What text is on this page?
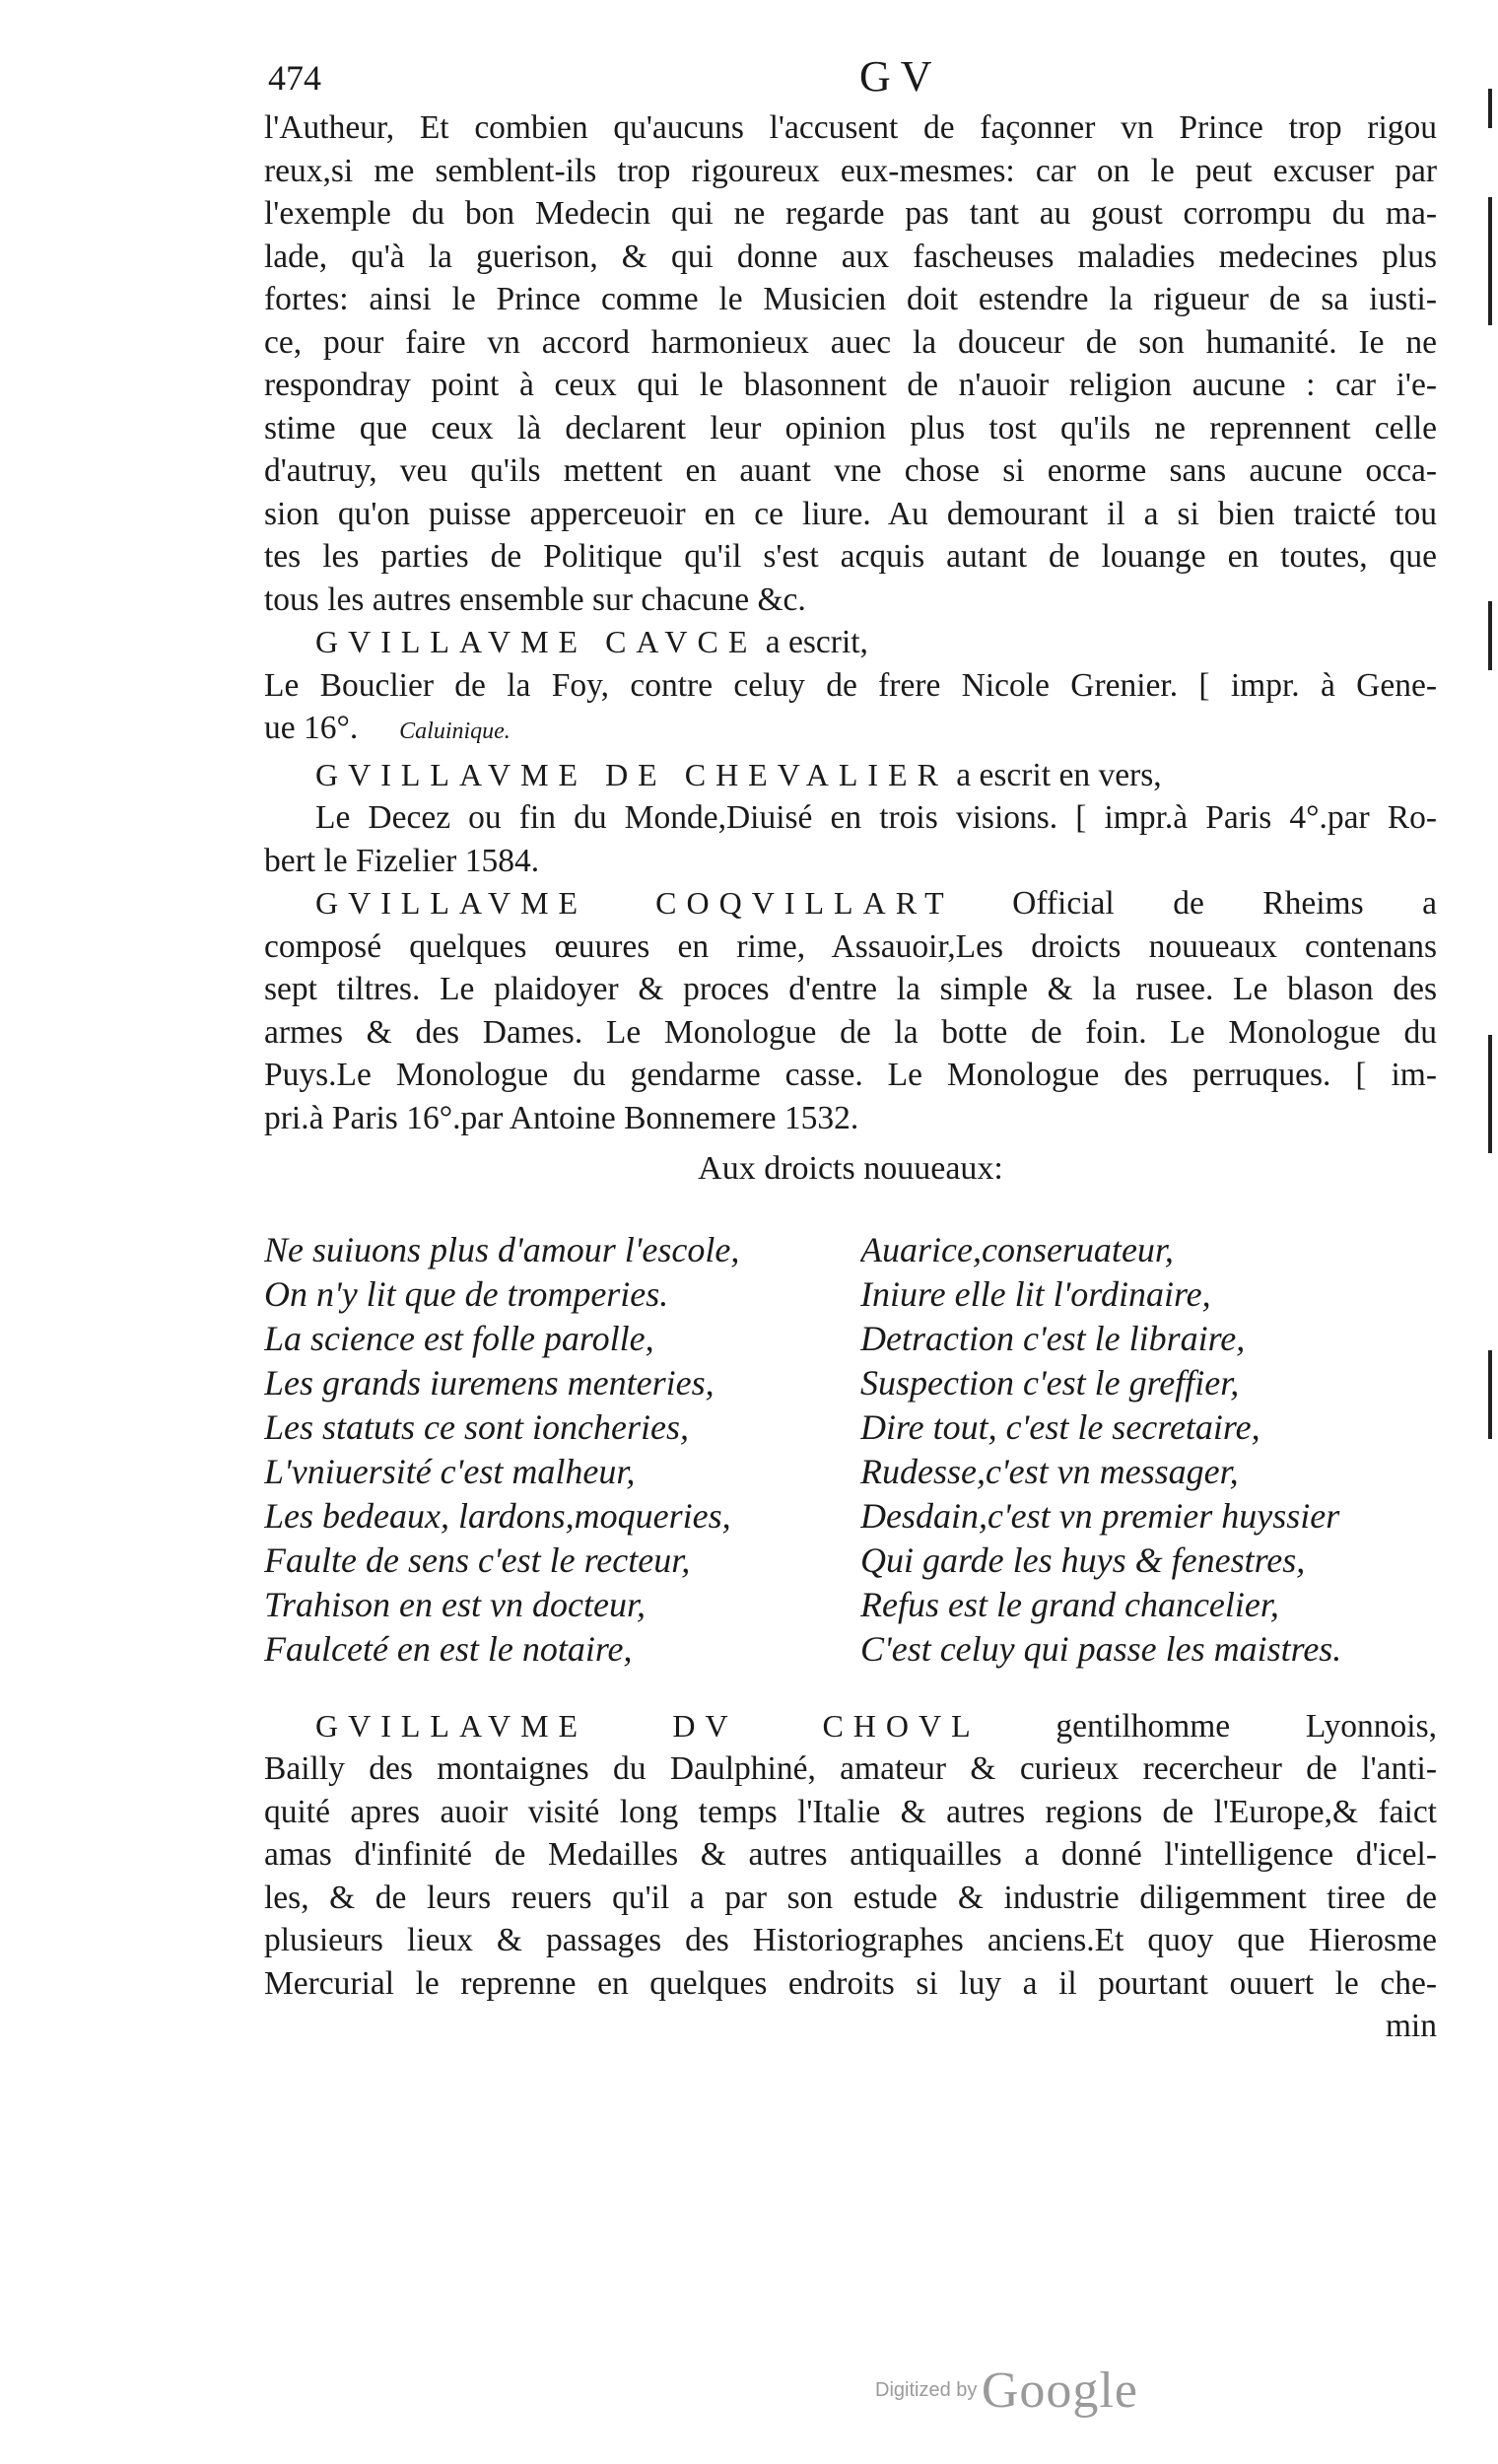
474	GV
l'Autheur, Et combien qu'aucuns l'accusent de façonner vn Prince trop rigou
reux,si me semblent-ils trop rigoureux eux-mesmes: car on le peut excuser par
l'exemple du bon Medecin qui ne regarde pas tant au goust corrompu du ma-
lade, qu'à la guerison, & qui donne aux fascheuses maladies medecines plus
fortes: ainsi le Prince comme le Musicien doit estendre la rigueur de sa iusti-
ce, pour faire vn accord harmonieux auec la douceur de son humanité. Ie ne
respondray point à ceux qui le blasonnent de n'auoir religion aucune : car i'e-
stime que ceux là declarent leur opinion plus tost qu'ils ne reprennent celle
d'autruy, veu qu'ils mettent en auant vne chose si enorme sans aucune occa-
sion qu'on puisse apperceuoir en ce liure. Au demourant il a si bien traicté tou
tes les parties de Politique qu'il s'est acquis autant de louange en toutes, que
tous les autres ensemble sur chacune &c.
GVILLAVME CAVCE a escrit,
Le Bouclier de la Foy, contre celuy de frere Nicole Grenier. [ impr. à Gene-
ue 16°. Caluinique.
GVILLAVME DE CHEVALIER a escrit en vers,
Le Decez ou fin du Monde,Diuisé en trois visions. [ impr.à Paris 4°.par Ro-
bert le Fizelier 1584.
GVILLAVME COQVILLART Official de Rheims a
composé quelques œuures en rime, Assauoir,Les droicts nouueaux contenans
sept tiltres. Le plaidoyer & proces d'entre la simple & la rusee. Le blason des
armes & des Dames. Le Monologue de la botte de foin. Le Monologue du
Puys.Le Monologue du gendarme casse. Le Monologue des perruques. [ im-
pri.à Paris 16°.par Antoine Bonnemere 1532.
Aux droicts nouueaux:
Ne suiuons plus d'amour l'escole,
On n'y lit que de tromperies.
La science est folle parolle,
Les grands iuremens menteries,
Les statuts ce sont ioncheries,
L'vniuersité c'est malheur,
Les bedeaux, lardons,moqueries,
Faulte de sens c'est le recteur,
Trahison en est vn docteur,
Faulceté en est le notaire,
Auarice,conseruateur,
Iniure elle lit l'ordinaire,
Detraction c'est le libraire,
Suspection c'est le greffier,
Dire tout, c'est le secretaire,
Rudesse,c'est vn messager,
Desdain,c'est vn premier huyssier
Qui garde les huys & fenestres,
Refus est le grand chancelier,
C'est celuy qui passe les maistres.
GVILLAVME DV CHOVL gentilhomme Lyonnois,
Bailly des montaignes du Daulphiné, amateur & curieux recercheur de l'anti-
quité apres auoir visité long temps l'Italie & autres regions de l'Europe,& faict
amas d'infinité de Medailles & autres antiquailles a donné l'intelligence d'icel-
les, & de leurs reuers qu'il a par son estude & industrie diligemment tiree de
plusieurs lieux & passages des Historiographes anciens.Et quoy que Hierosme
Mercurial le reprenne en quelques endroits si luy a il pourtant ouuert le che-
min
Digitized by Google
